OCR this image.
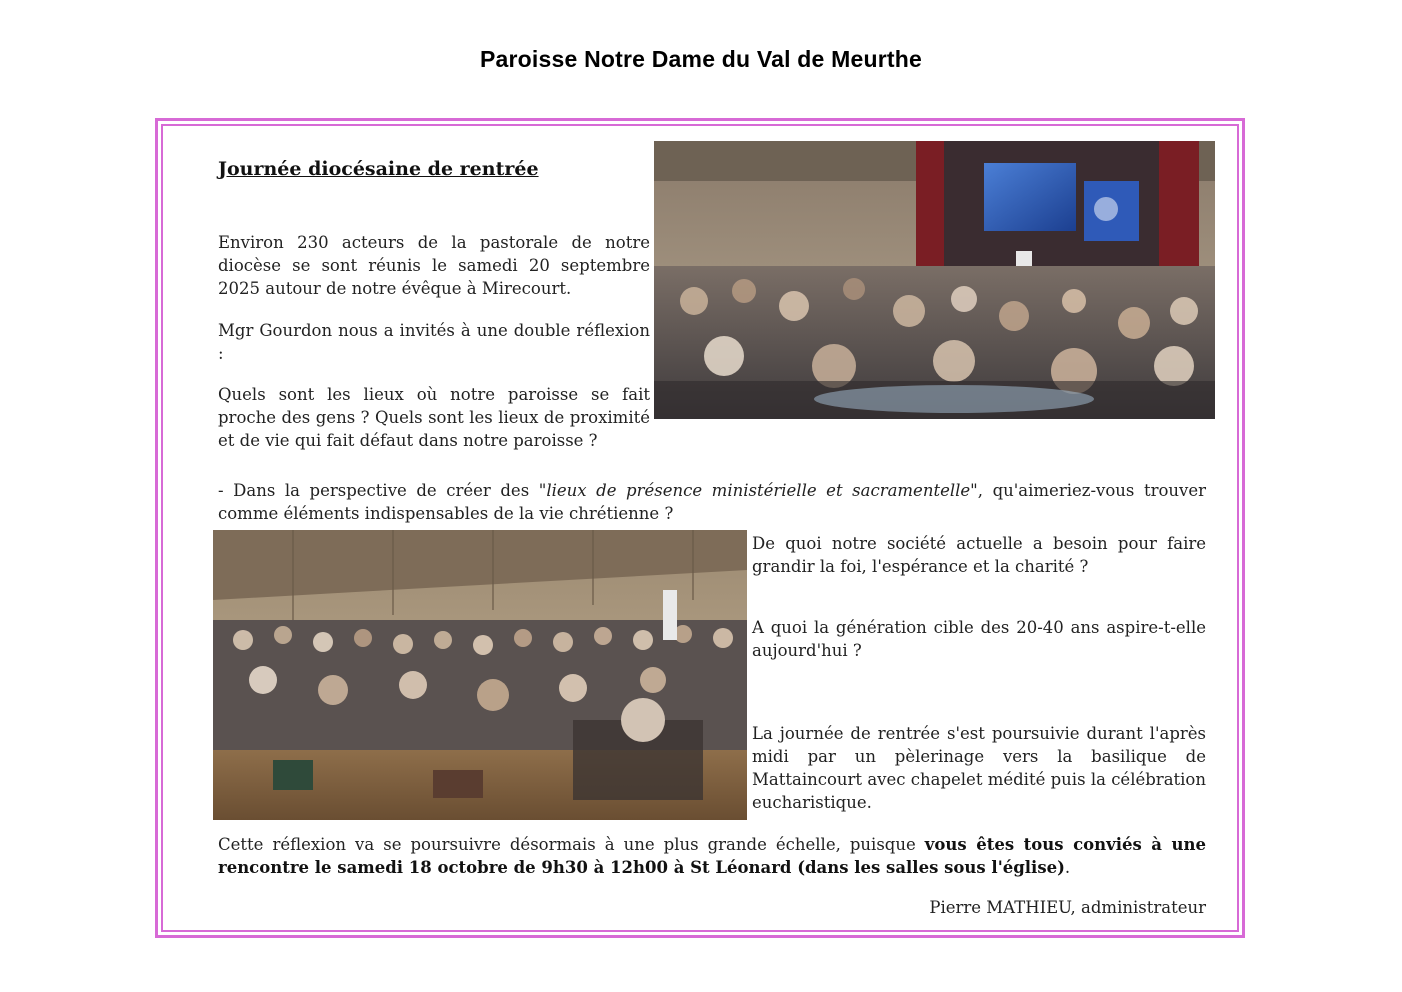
Paroisse Notre Dame du Val de Meurthe
Journée diocésaine de rentrée
Environ 230 acteurs de la pastorale de notre diocèse se sont réunis le samedi 20 septembre 2025 autour de notre évêque à Mirecourt.
Mgr Gourdon nous a invités à une double réflexion :
Quels sont les lieux où notre paroisse se fait proche des gens ? Quels sont les lieux de proximité et de vie qui fait défaut dans notre paroisse ?
- Dans la perspective de créer des "lieux de présence ministérielle et sacramentelle", qu'aimeriez-vous trouver comme éléments indispensables de la vie chrétienne ?
De quoi notre société actuelle a besoin pour faire grandir la foi, l'espérance et la charité ?
A quoi la génération cible des 20-40 ans aspire-t-elle aujourd'hui ?
La journée de rentrée s'est poursuivie durant l'après midi par un pèlerinage vers la basilique de Mattaincourt avec chapelet médité puis la célébration eucharistique.
Cette réflexion va se poursuivre désormais à une plus grande échelle, puisque vous êtes tous conviés à une rencontre le samedi 18 octobre de 9h30 à 12h00 à St Léonard (dans les salles sous l'église).
Pierre MATHIEU, administrateur
